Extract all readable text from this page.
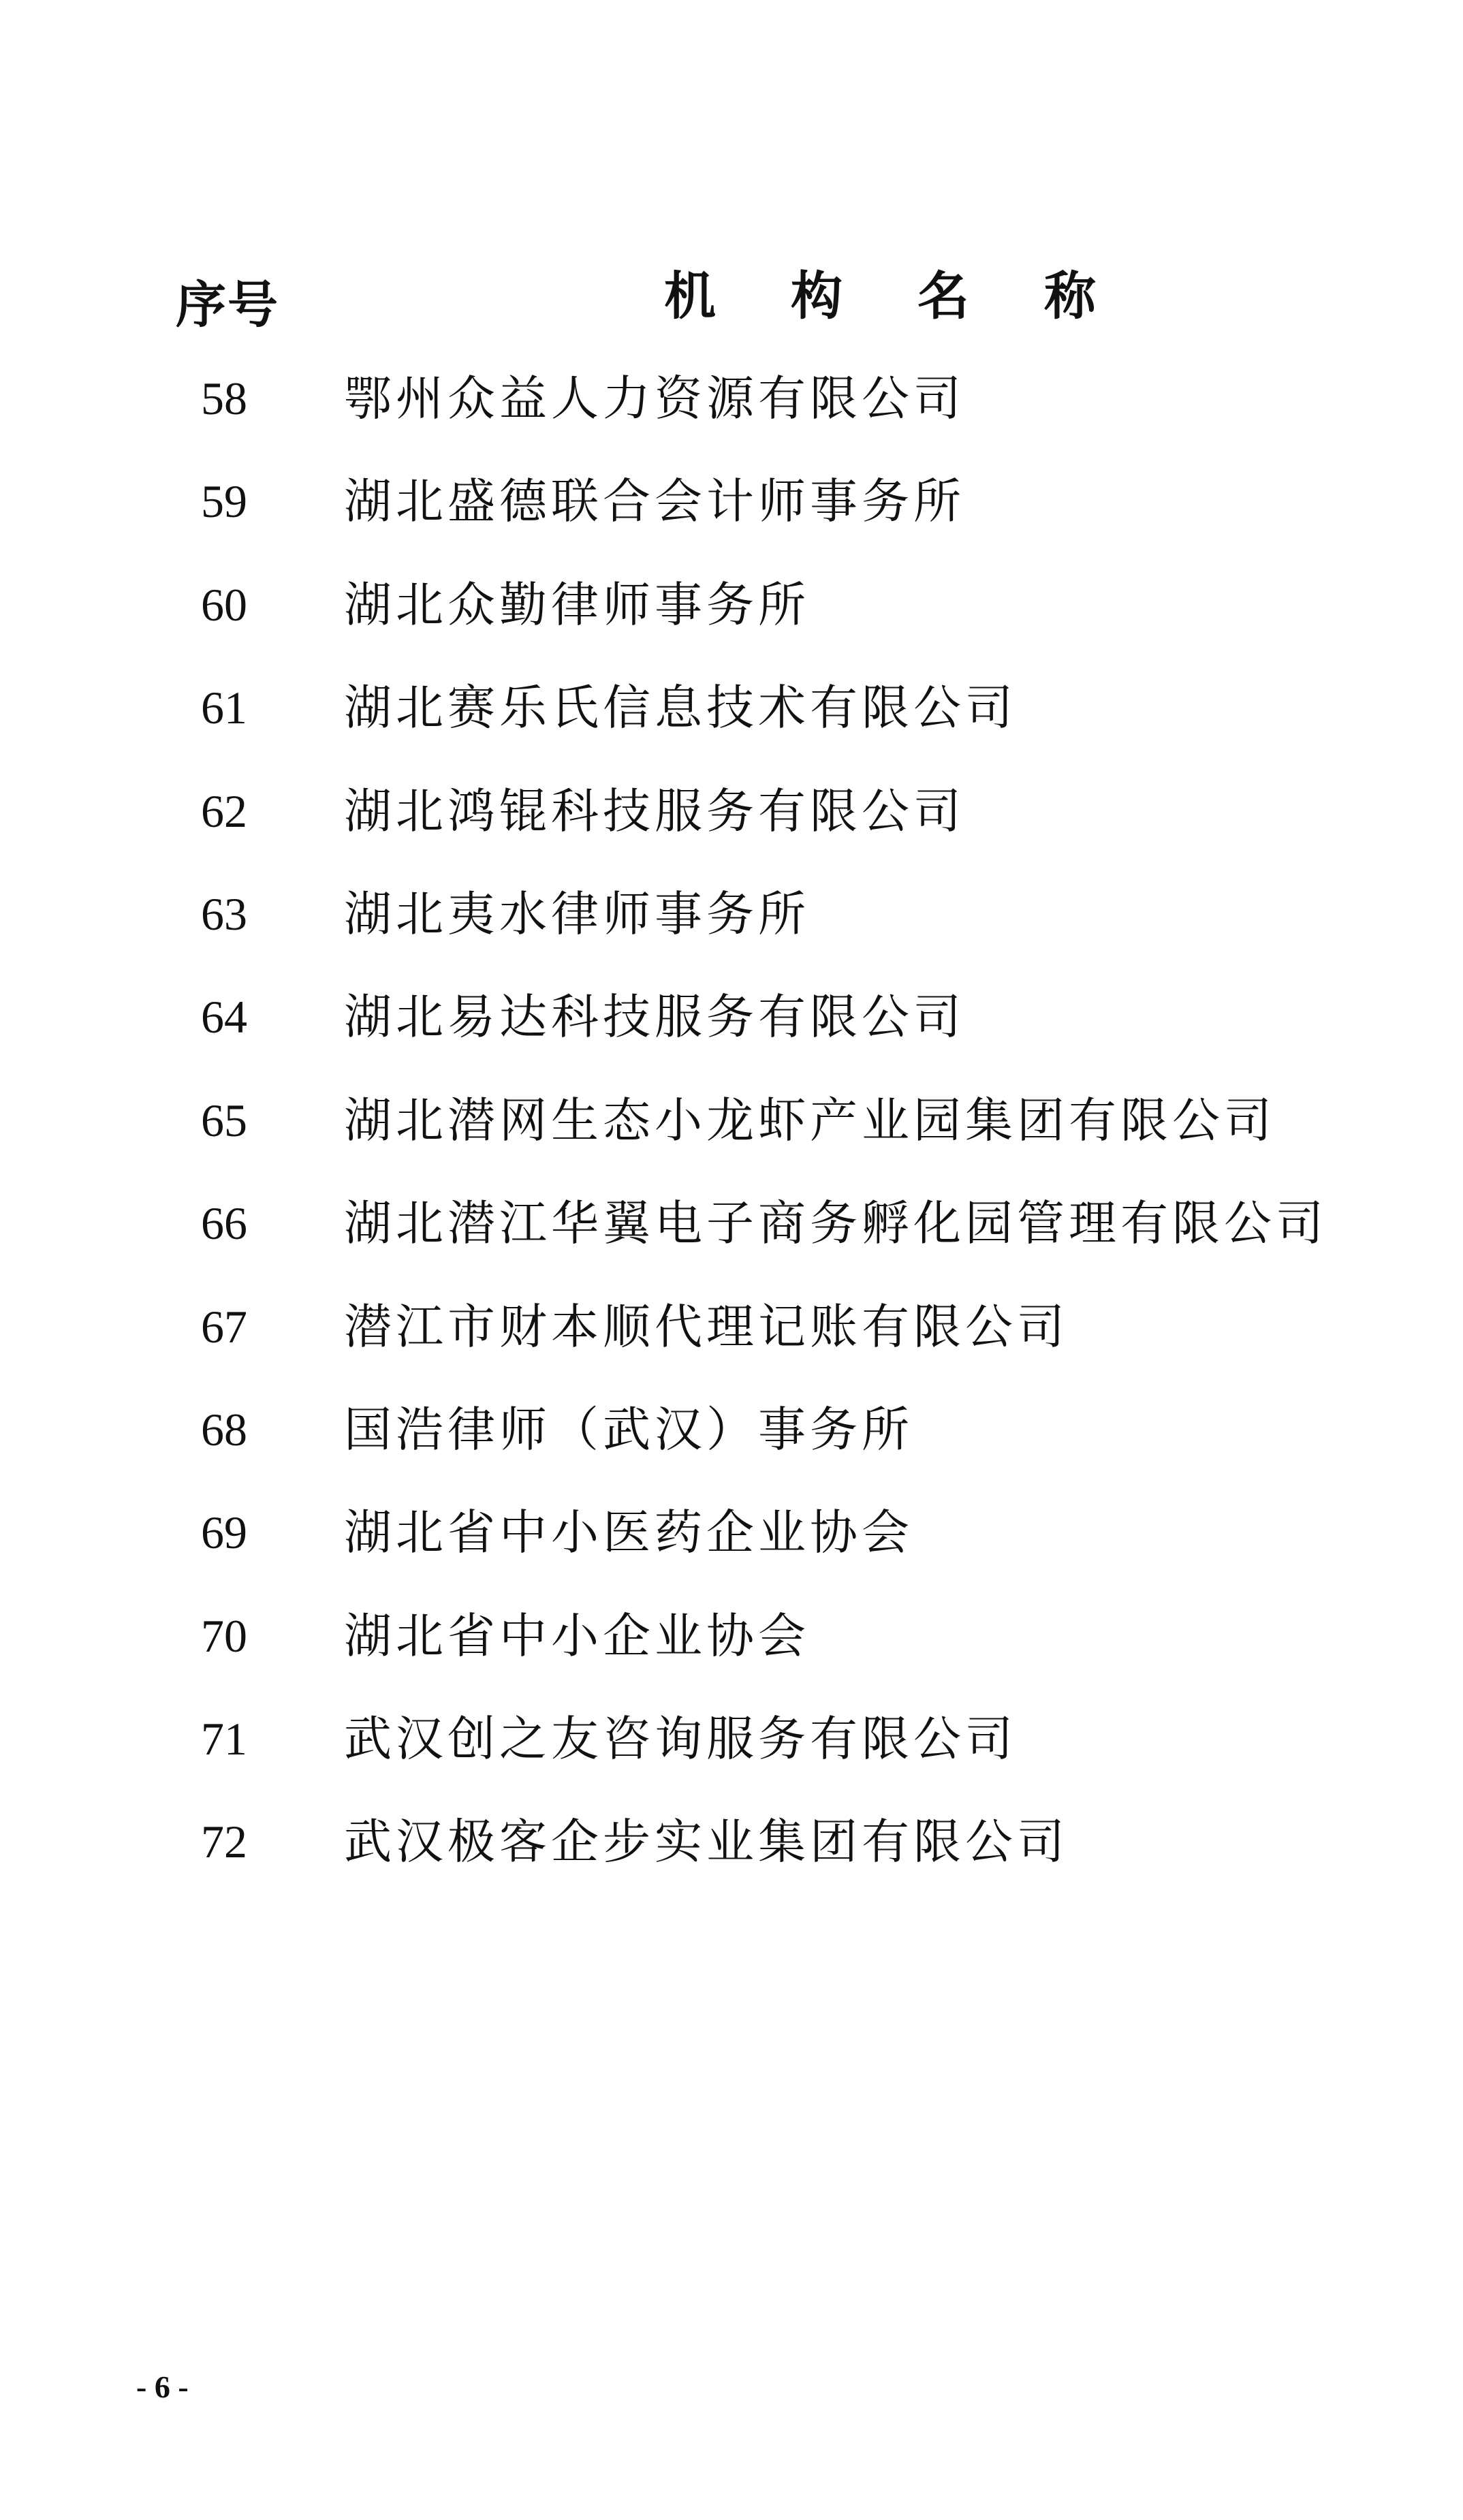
序号	机构名称
58 鄂州众益人力资源有限公司
59 湖北盛德联合会计师事务所
60 湖北众勤律师事务所
61 湖北赛乐氏信息技术有限公司
62 湖北鸿锟科技服务有限公司
63 湖北夷水律师事务所
64 湖北易达科技服务有限公司
65 湖北潜网生态小龙虾产业园集团有限公司
66 湖北潜江华翼电子商务孵化园管理有限公司
67 潜江市财本顺代理记账有限公司
68 国浩律师（武汉）事务所
69 湖北省中小医药企业协会
70 湖北省中小企业协会
71 武汉创之友咨询服务有限公司
72 武汉极客企步实业集团有限公司
- 6 -
